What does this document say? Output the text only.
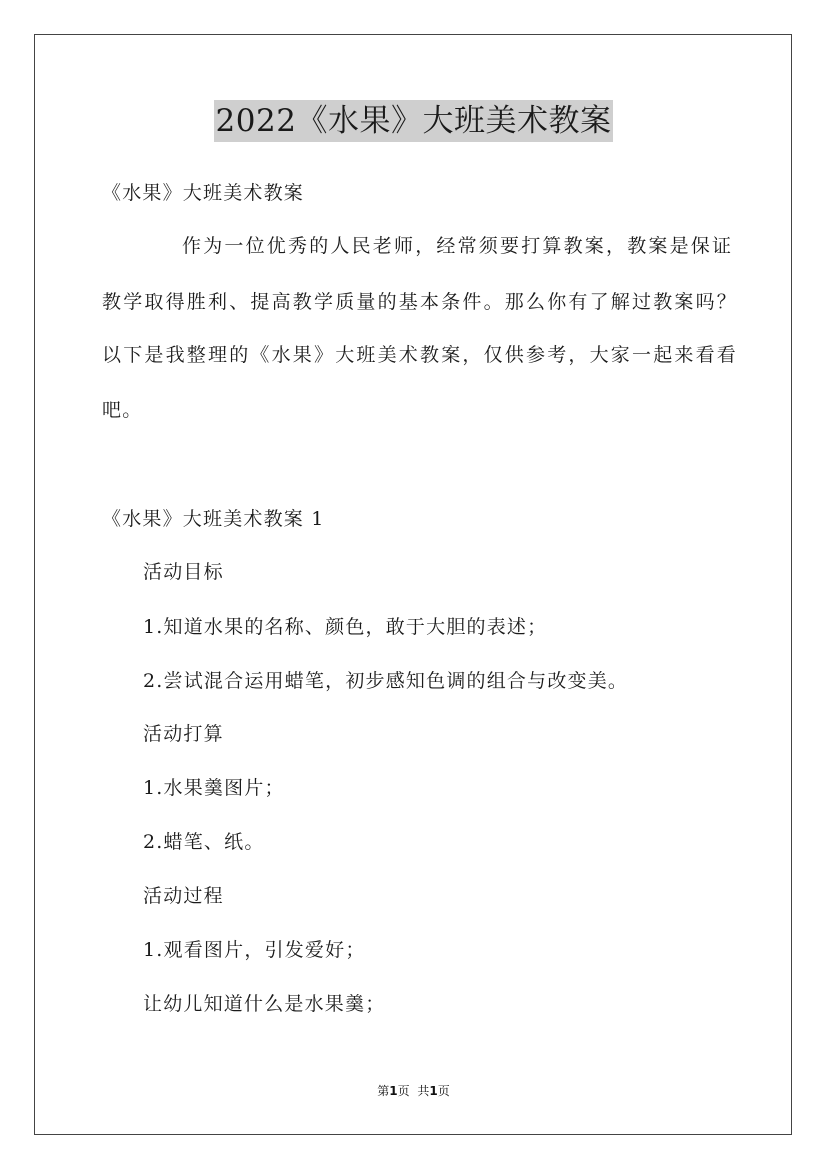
2022《水果》大班美术教案
《水果》大班美术教案
作为一位优秀的人民老师，经常须要打算教案，教案是保证
教学取得胜利、提高教学质量的基本条件。那么你有了解过教案吗？
以下是我整理的《水果》大班美术教案，仅供参考，大家一起来看看
吧。
《水果》大班美术教案 1
活动目标
1.知道水果的名称、颜色，敢于大胆的表述；
2.尝试混合运用蜡笔，初步感知色调的组合与改变美。
活动打算
1.水果羹图片；
2.蜡笔、纸。
活动过程
1.观看图片，引发爱好；
让幼儿知道什么是水果羹；
第1页 共1页
